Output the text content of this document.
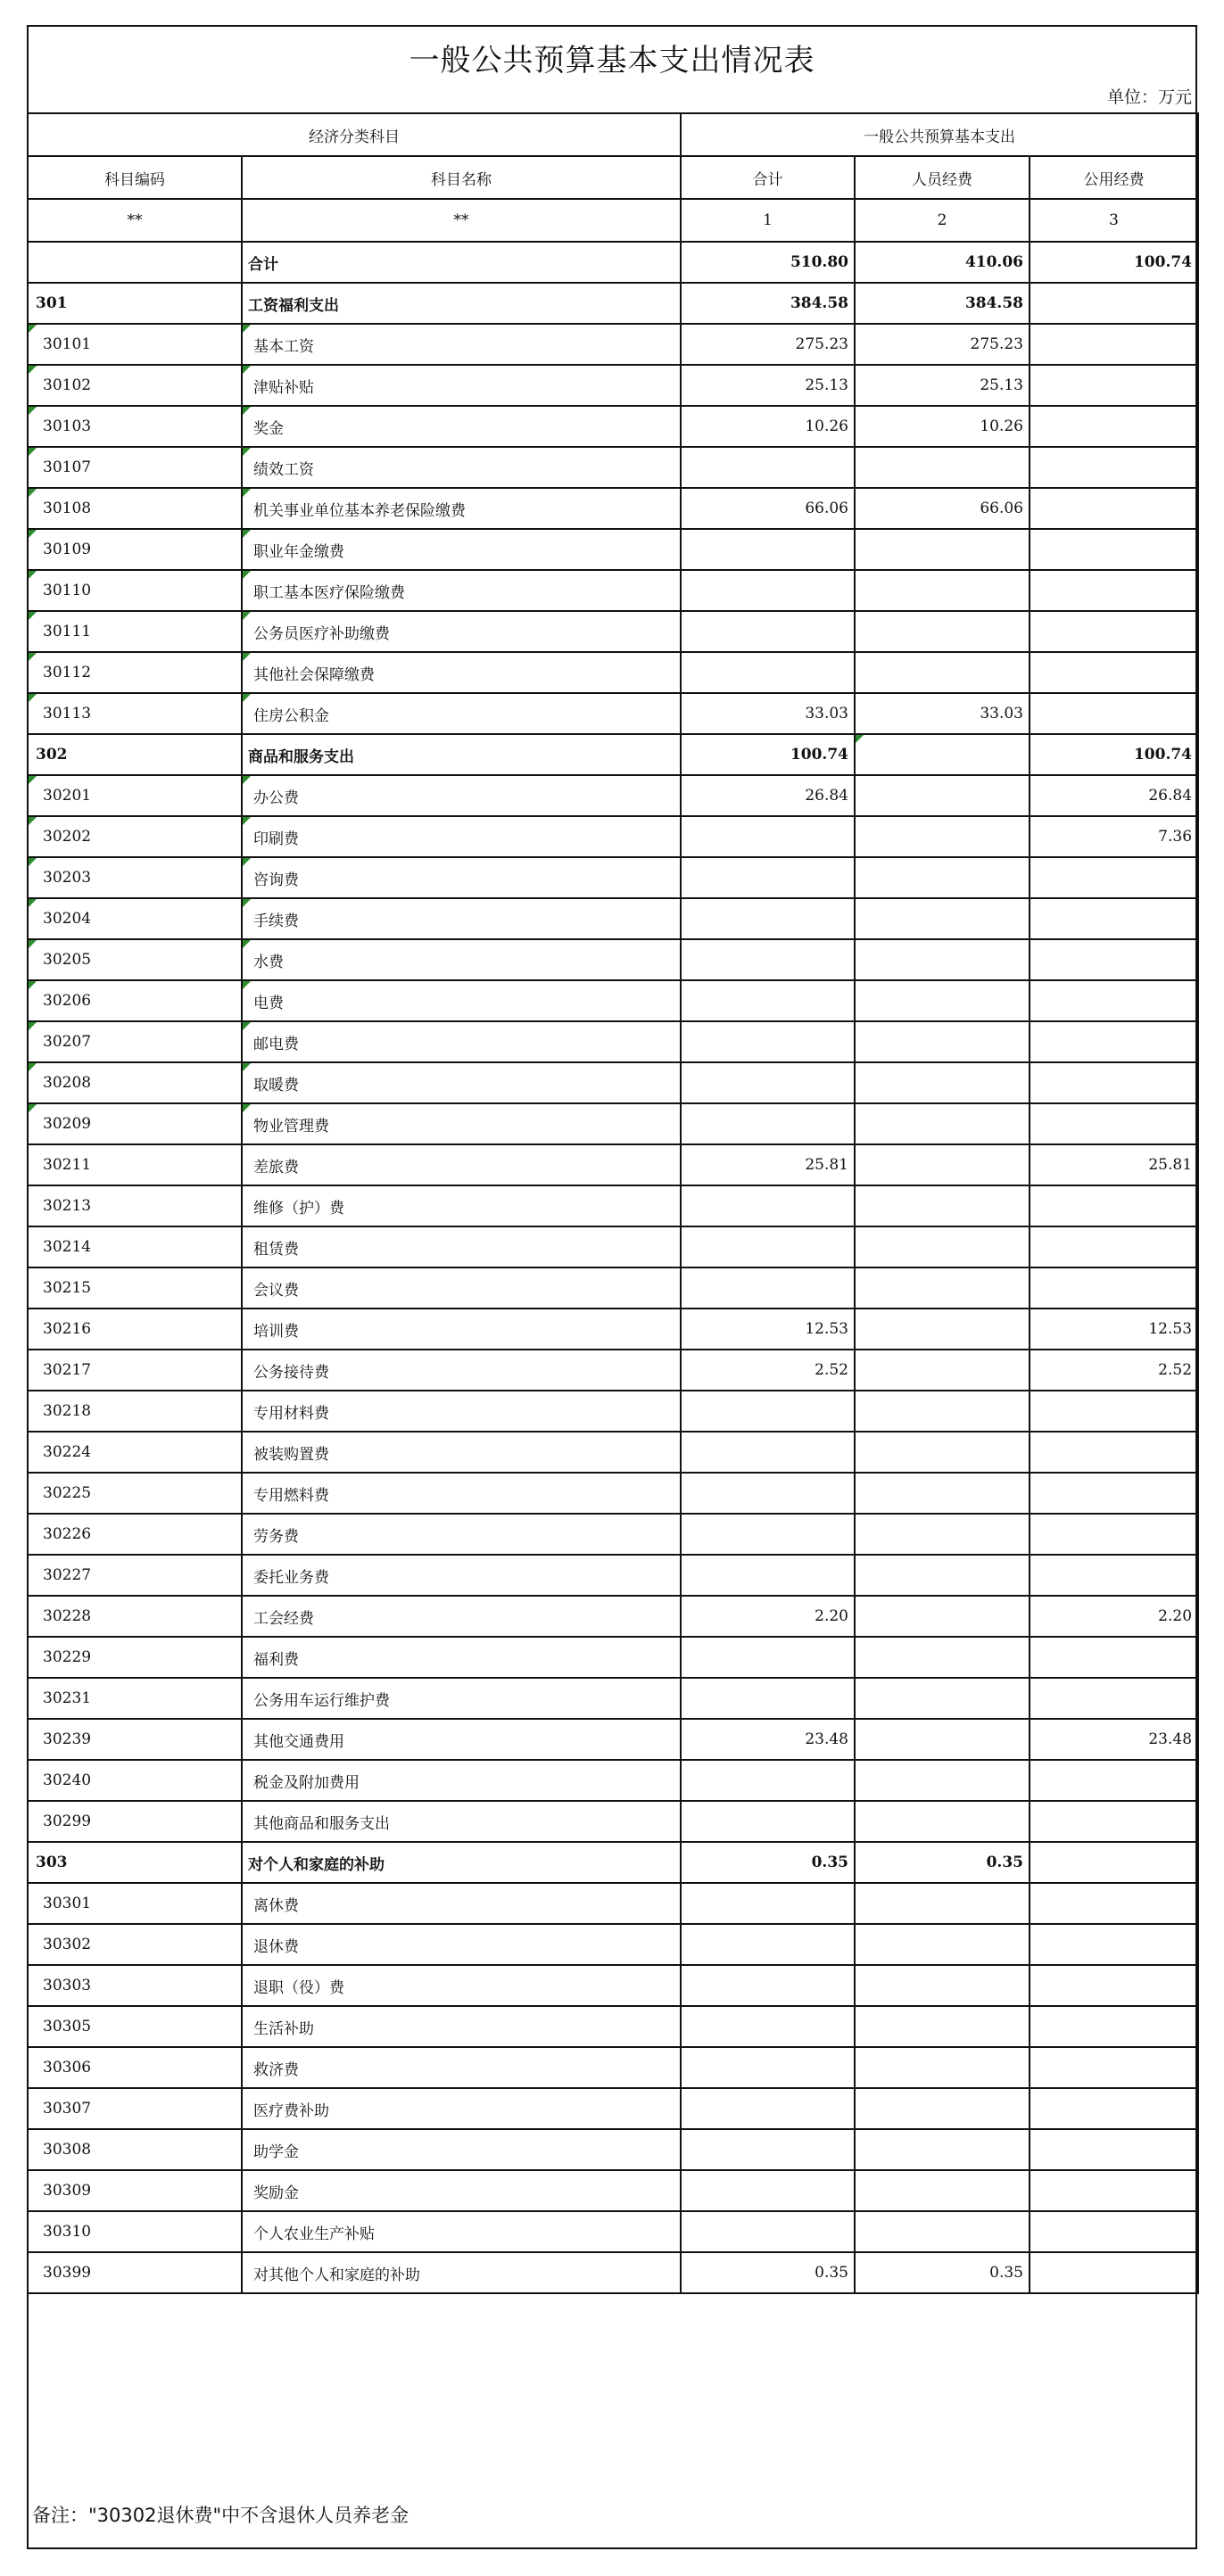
一般公共预算基本支出情况表
单位：万元
经济分类科目		一般公共预算基本支出		
科目编码	科目名称	合计	人员经费	公用经费
**	**	1	2	3
	合计	510.80	410.06	100.74
301	工资福利支出	384.58	384.58	
30101	基本工资	275.23	275.23	
30102	津贴补贴	25.13	25.13	
30103	奖金	10.26	10.26	
30107	绩效工资

30108	机关事业单位基本养老保险缴费	66.06	66.06	
30109	职业年金缴费

30110	职工基本医疗保险缴费

30111	公务员医疗补助缴费

30112	其他社会保障缴费

30113	住房公积金	33.03	33.03	
302	商品和服务支出	100.74		100.74
30201	办公费	26.84		26.84
30202	印刷费			7.36
30203	咨询费

30204	手续费

30205	水费

30206	电费

30207	邮电费

30208	取暖费

30209	物业管理费

30211	差旅费	25.81		25.81
30213	维修（护）费			
30214	租赁费			
30215	会议费			
30216	培训费	12.53		12.53
30217	公务接待费	2.52		2.52
30218	专用材料费			
30224	被装购置费			
30225	专用燃料费			
30226	劳务费			
30227	委托业务费			
30228	工会经费	2.20		2.20
30229	福利费			
30231	公务用车运行维护费			
30239	其他交通费用	23.48		23.48
30240	税金及附加费用			
30299	其他商品和服务支出			
303	对个人和家庭的补助	0.35	0.35	
30301	离休费			
30302	退休费			
30303	退职（役）费			
30305	生活补助			
30306	救济费			
30307	医疗费补助			
30308	助学金			
30309	奖励金			
30310	个人农业生产补贴			
30399	对其他个人和家庭的补助	0.35	0.35	
备注："30302退休费"中不含退休人员养老金
